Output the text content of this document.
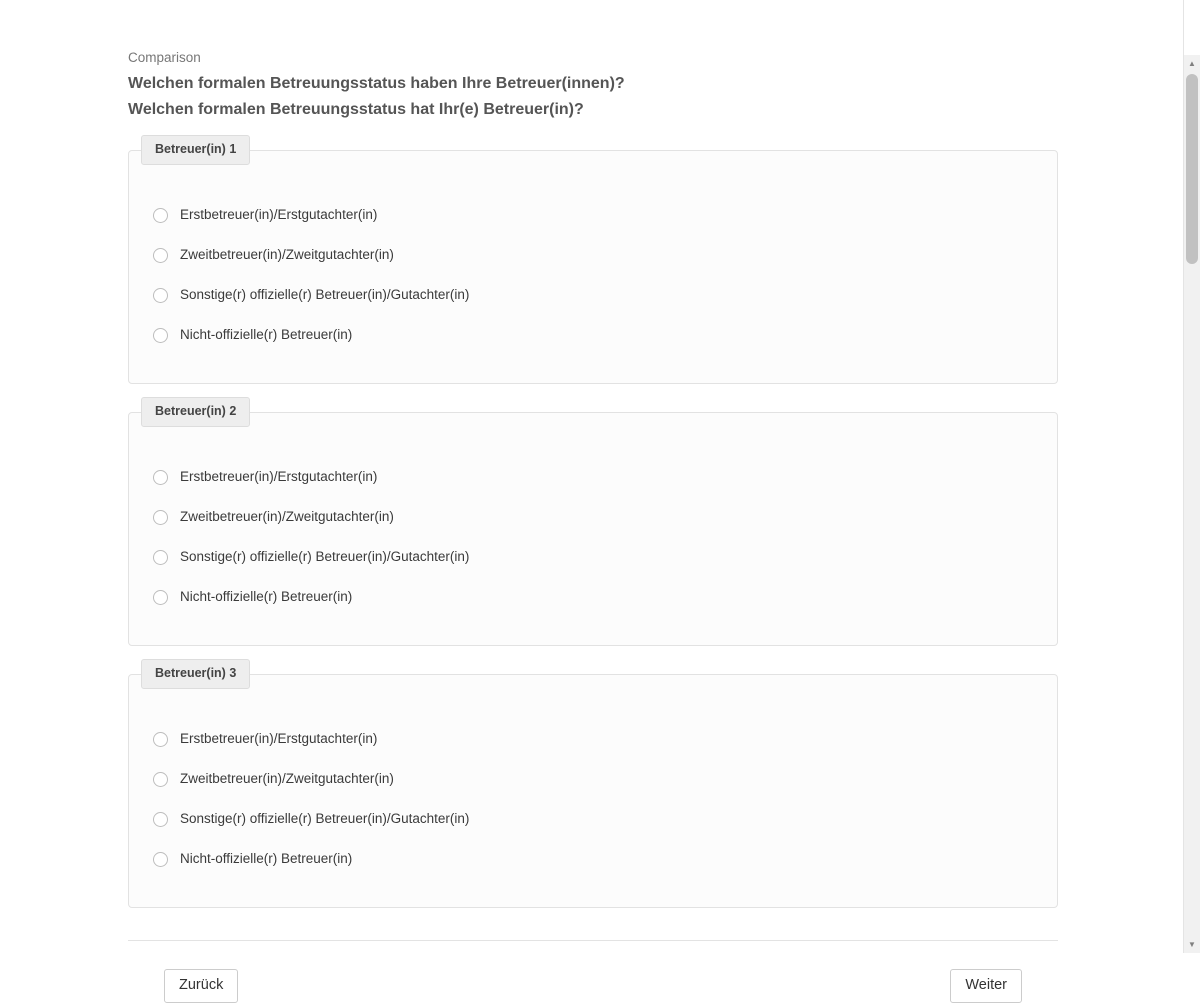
Comparison
Welchen formalen Betreuungsstatus haben Ihre Betreuer(innen)?
Welchen formalen Betreuungsstatus hat Ihr(e) Betreuer(in)?
Betreuer(in) 1
Erstbetreuer(in)/Erstgutachter(in)
Zweitbetreuer(in)/Zweitgutachter(in)
Sonstige(r) offizielle(r) Betreuer(in)/Gutachter(in)
Nicht-offizielle(r) Betreuer(in)
Betreuer(in) 2
Erstbetreuer(in)/Erstgutachter(in)
Zweitbetreuer(in)/Zweitgutachter(in)
Sonstige(r) offizielle(r) Betreuer(in)/Gutachter(in)
Nicht-offizielle(r) Betreuer(in)
Betreuer(in) 3
Erstbetreuer(in)/Erstgutachter(in)
Zweitbetreuer(in)/Zweitgutachter(in)
Sonstige(r) offizielle(r) Betreuer(in)/Gutachter(in)
Nicht-offizielle(r) Betreuer(in)
Zurück	Weiter
▲
▼
